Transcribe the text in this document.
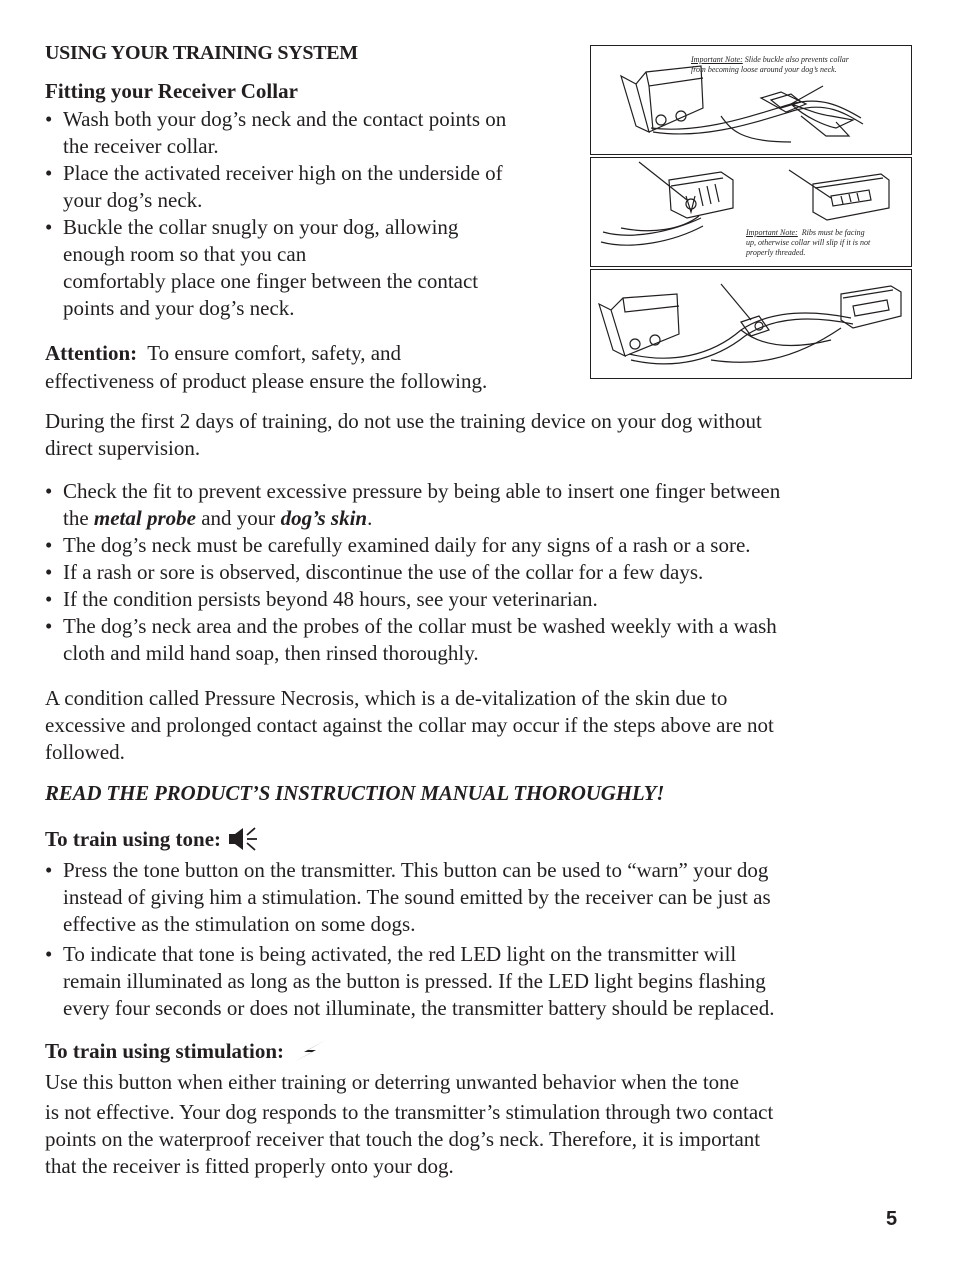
USING YOUR TRAINING SYSTEM
Fitting your Receiver Collar
• Wash both your dog’s neck and the contact points on
the receiver collar.
• Place the activated receiver high on the underside of
your dog’s neck.
• Buckle the collar snugly on your dog, allowing
enough room so that you can
comfortably place one finger between the contact
points and your dog’s neck.
Attention: To ensure comfort, safety, and
effectiveness of product please ensure the following.
Important Note: Slide buckle also prevents collar
from becoming loose around your dog’s neck.
Important Note: Ribs must be facing
up, otherwise collar will slip if it is not
properly threaded.
During the first 2 days of training, do not use the training device on your dog without
direct supervision.
• Check the fit to prevent excessive pressure by being able to insert one finger between
the metal probe and your dog’s skin.
• The dog’s neck must be carefully examined daily for any signs of a rash or a sore.
• If a rash or sore is observed, discontinue the use of the collar for a few days.
• If the condition persists beyond 48 hours, see your veterinarian.
• The dog’s neck area and the probes of the collar must be washed weekly with a wash
cloth and mild hand soap, then rinsed thoroughly.
A condition called Pressure Necrosis, which is a de-vitalization of the skin due to
excessive and prolonged contact against the collar may occur if the steps above are not
followed.
READ THE PRODUCT’S INSTRUCTION MANUAL THOROUGHLY!
To train using tone:
• Press the tone button on the transmitter. This button can be used to “warn” your dog
instead of giving him a stimulation. The sound emitted by the receiver can be just as
effective as the stimulation on some dogs.
• To indicate that tone is being activated, the red LED light on the transmitter will
remain illuminated as long as the button is pressed. If the LED light begins flashing
every four seconds or does not illuminate, the transmitter battery should be replaced.
To train using stimulation:
Use this button when either training or deterring unwanted behavior when the tone
is not effective. Your dog responds to the transmitter’s stimulation through two contact
points on the waterproof receiver that touch the dog’s neck. Therefore, it is important
that the receiver is fitted properly onto your dog.
5
